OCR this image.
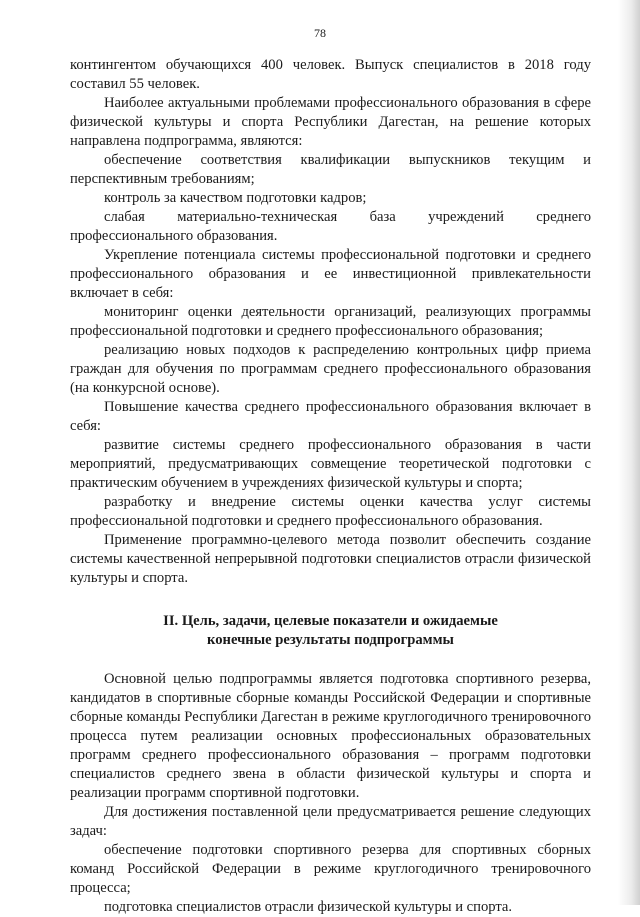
78

контингентом обучающихся 400 человек. Выпуск специалистов в 2018 году составил 55 человек.

Наиболее актуальными проблемами профессионального образования в сфере физической культуры и спорта Республики Дагестан, на решение которых направлена подпрограмма, являются:

обеспечение соответствия квалификации выпускников текущим и перспективным требованиям;

контроль за качеством подготовки кадров;

слабая материально-техническая база учреждений среднего профессионального образования.

Укрепление потенциала системы профессиональной подготовки и среднего профессионального образования и ее инвестиционной привлекательности включает в себя:

мониторинг оценки деятельности организаций, реализующих программы профессиональной подготовки и среднего профессионального образования;

реализацию новых подходов к распределению контрольных цифр приема граждан для обучения по программам среднего профессионального образования (на конкурсной основе).

Повышение качества среднего профессионального образования включает в себя:

развитие системы среднего профессионального образования в части мероприятий, предусматривающих совмещение теоретической подготовки с практическим обучением в учреждениях физической культуры и спорта;

разработку и внедрение системы оценки качества услуг системы профессиональной подготовки и среднего профессионального образования.

Применение программно-целевого метода позволит обеспечить создание системы качественной непрерывной подготовки специалистов отрасли физической культуры и спорта.

II. Цель, задачи, целевые показатели и ожидаемые
конечные результаты подпрограммы

Основной целью подпрограммы является подготовка спортивного резерва, кандидатов в спортивные сборные команды Российской Федерации и спортивные сборные команды Республики Дагестан в режиме круглогодичного тренировочного процесса путем реализации основных профессиональных образовательных программ среднего профессионального образования – программ подготовки специалистов среднего звена в области физической культуры и спорта и реализации программ спортивной подготовки.

Для достижения поставленной цели предусматривается решение следующих задач:

обеспечение подготовки спортивного резерва для спортивных сборных команд Российской Федерации в режиме круглогодичного тренировочного процесса;

подготовка специалистов отрасли физической культуры и спорта.
